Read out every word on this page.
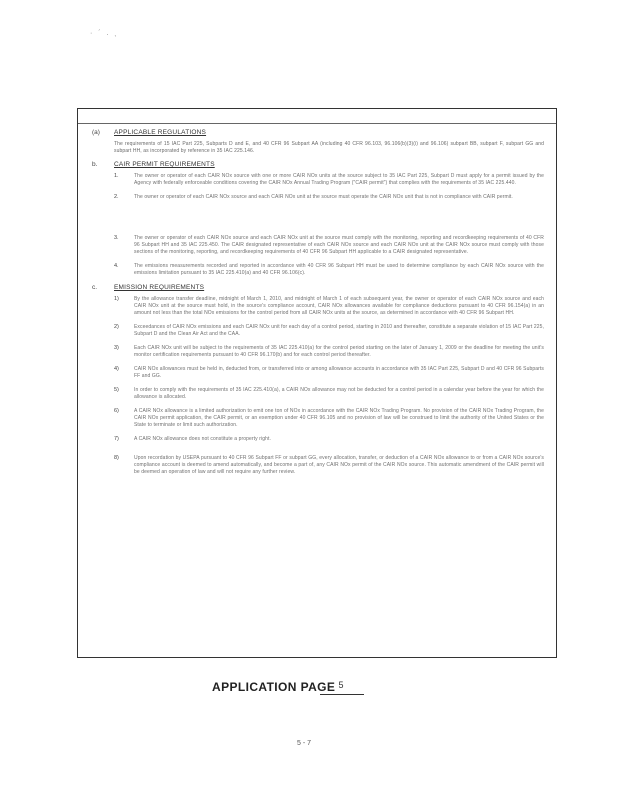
· ´ . ˎ
(a) APPLICABLE REGULATIONS

The requirements of 15 IAC Part 225, Subparts D and E, and 40 CFR 96 Subpart AA (including 40 CFR 96.103, 96.106(b)(3)(i) and 96.106) subpart BB, subpart F, subpart GG and subpart HH, as incorporated by reference in 35 IAC 225.146.

b.	CAIR PERMIT REQUIREMENTS
1.	The owner or operator of each CAIR NOx source with one or more CAIR NOx units at the source subject to 35 IAC Part 225, Subpart D must apply for a permit issued by the Agency with federally enforceable conditions covering the CAIR NOx Annual Trading Program ("CAIR permit") that complies with the requirements of 35 IAC 225.440.
2.	The owner or operator of each CAIR NOx source and each CAIR NOx unit at the source must operate the CAIR NOx unit that is not in compliance with CAIR permit.
3.	The owner or operator of each CAIR NOx source and each CAIR NOx unit at the source must comply with the monitoring, reporting and recordkeeping requirements of 40 CFR 96 Subpart HH and 35 IAC 225.450. The CAIR designated representative of each CAIR NOx source and each CAIR NOx unit at the CAIR NOx source must comply with those sections of the monitoring, reporting, and recordkeeping requirements of 40 CFR 96 Subpart HH applicable to a CAIR designated representative.
4.	The emissions measurements recorded and reported in accordance with 40 CFR 96 Subpart HH must be used to determine compliance by each CAIR NOx source with the emissions limitation pursuant to 35 IAC 225.410(a) and 40 CFR 96.106(c).
c.	EMISSION REQUIREMENTS
1)	By the allowance transfer deadline, midnight of March 1, 2010, and midnight of March 1 of each subsequent year, the owner or operator of each CAIR NOx source and each CAIR NOx unit at the source must hold, in the source's compliance account, CAIR NOx allowances available for compliance deductions pursuant to 40 CFR 96.154(a) in an amount not less than the total NOx emissions for the control period from all CAIR NOx units at the source, as determined in accordance with 40 CFR 96 Subpart HH.
2)	Exceedances of CAIR NOx emissions and each CAIR NOx unit for each day of a control period, starting in 2010 and thereafter, constitute a separate violation of 15 IAC Part 225, Subpart D and the Clean Air Act and the CAA.
3)	Each CAIR NOx unit will be subject to the requirements of 35 IAC 225.410(a) for the control period starting on the later of January 1, 2009 or the deadline for meeting the unit's monitor certification requirements pursuant to 40 CFR 96.170(b) and for each control period thereafter.
4)	CAIR NOx allowances must be held in, deducted from, or transferred into or among allowance accounts in accordance with 35 IAC Part 225, Subpart D and 40 CFR 96 Subparts FF and GG.
5)	In order to comply with the requirements of 35 IAC 225.410(a), a CAIR NOx allowance may not be deducted for a control period in a calendar year before the year for which the allowance is allocated.
6)	A CAIR NOx allowance is a limited authorization to emit one ton of NOx in accordance with the CAIR NOx Trading Program. No provision of the CAIR NOx Trading Program, the CAIR NOx permit application, the CAIR permit, or an exemption under 40 CFR 96.105 and no provision of law will be construed to limit the authority of the United States or the State to terminate or limit such authorization.
7)	A CAIR NOx allowance does not constitute a property right.
8)	Upon recordation by USEPA pursuant to 40 CFR 96 Subpart FF or subpart GG, every allocation, transfer, or deduction of a CAIR NOx allowance to or from a CAIR NOx source's compliance account is deemed to amend automatically, and become a part of, any CAIR NOx permit of the CAIR NOx source. This automatic amendment of the CAIR permit will be deemed an operation of law and will not require any further review.
APPLICATION PAGE 5
5 - 7
